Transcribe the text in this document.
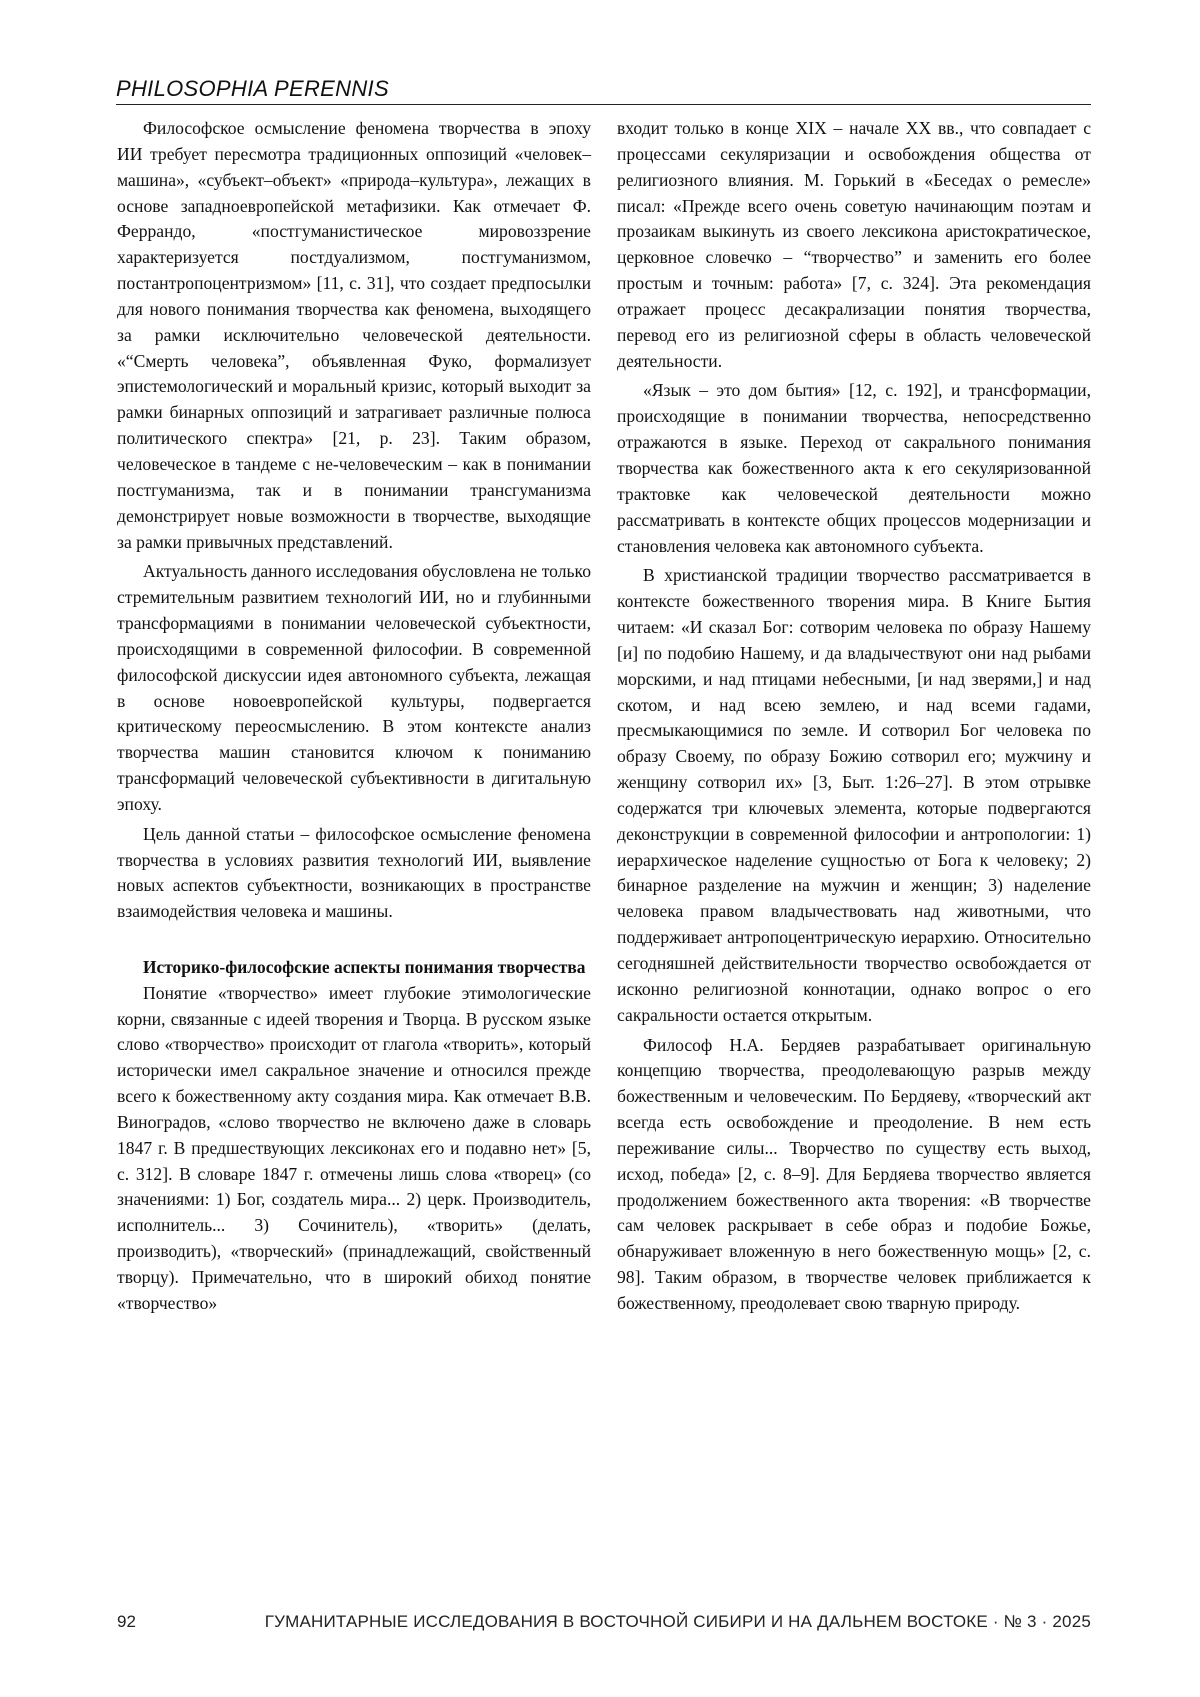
PHILOSOPHIA PERENNIS

Философское осмысление феномена творчества в эпоху ИИ требует пересмотра традиционных оппозиций «человек–машина», «субъект–объект» «природа–культура», лежащих в основе западноевропейской метафизики. Как отмечает Ф. Феррандо, «постгуманистическое мировоззрение характеризуется постдуализмом, постгуманизмом, постантропоцентризмом» [11, с. 31], что создает предпосылки для нового понимания творчества как феномена, выходящего за рамки исключительно человеческой деятельности. «“Смерть человека”, объявленная Фуко, формализует эпистемологический и моральный кризис, который выходит за рамки бинарных оппозиций и затрагивает различные полюса политического спектра» [21, p. 23]. Таким образом, человеческое в тандеме с не-человеческим – как в понимании постгуманизма, так и в понимании трансгуманизма демонстрирует новые возможности в творчестве, выходящие за рамки привычных представлений.

Актуальность данного исследования обусловлена не только стремительным развитием технологий ИИ, но и глубинными трансформациями в понимании человеческой субъектности, происходящими в современной философии. В современной философской дискуссии идея автономного субъекта, лежащая в основе новоевропейской культуры, подвергается критическому переосмыслению. В этом контексте анализ творчества машин становится ключом к пониманию трансформаций человеческой субъективности в дигитальную эпоху.

Цель данной статьи – философское осмысление феномена творчества в условиях развития технологий ИИ, выявление новых аспектов субъектности, возникающих в пространстве взаимодействия человека и машины.

Историко-философские аспекты понимания творчества

Понятие «творчество» имеет глубокие этимологические корни, связанные с идеей творения и Творца. В русском языке слово «творчество» происходит от глагола «творить», который исторически имел сакральное значение и относился прежде всего к божественному акту создания мира. Как отмечает В.В. Виноградов, «слово творчество не включено даже в словарь 1847 г. В предшествующих лексиконах его и подавно нет» [5, с. 312]. В словаре 1847 г. отмечены лишь слова «творец» (со значениями: 1) Бог, создатель мира... 2) церк. Производитель, исполнитель... 3) Сочинитель), «творить» (делать, производить), «творческий» (принадлежащий, свойственный творцу). Примечательно, что в широкий обиход понятие «творчество»

входит только в конце XIX – начале XX вв., что совпадает с процессами секуляризации и освобождения общества от религиозного влияния. М. Горький в «Беседах о ремесле» писал: «Прежде всего очень советую начинающим поэтам и прозаикам выкинуть из своего лексикона аристократическое, церковное словечко – “творчество” и заменить его более простым и точным: работа» [7, с. 324]. Эта рекомендация отражает процесс десакрализации понятия творчества, перевод его из религиозной сферы в область человеческой деятельности.

«Язык – это дом бытия» [12, с. 192], и трансформации, происходящие в понимании творчества, непосредственно отражаются в языке. Переход от сакрального понимания творчества как божественного акта к его секуляризованной трактовке как человеческой деятельности можно рассматривать в контексте общих процессов модернизации и становления человека как автономного субъекта.

В христианской традиции творчество рассматривается в контексте божественного творения мира. В Книге Бытия читаем: «И сказал Бог: сотворим человека по образу Нашему [и] по подобию Нашему, и да владычествуют они над рыбами морскими, и над птицами небесными, [и над зверями,] и над скотом, и над всею землею, и над всеми гадами, пресмыкающимися по земле. И сотворил Бог человека по образу Своему, по образу Божию сотворил его; мужчину и женщину сотворил их» [3, Быт. 1:26–27]. В этом отрывке содержатся три ключевых элемента, которые подвергаются деконструкции в современной философии и антропологии: 1) иерархическое наделение сущностью от Бога к человеку; 2) бинарное разделение на мужчин и женщин; 3) наделение человека правом владычествовать над животными, что поддерживает антропоцентрическую иерархию. Относительно сегодняшней действительности творчество освобождается от исконно религиозной коннотации, однако вопрос о его сакральности остается открытым.

Философ Н.А. Бердяев разрабатывает оригинальную концепцию творчества, преодолевающую разрыв между божественным и человеческим. По Бердяеву, «творческий акт всегда есть освобождение и преодоление. В нем есть переживание силы... Творчество по существу есть выход, исход, победа» [2, с. 8–9]. Для Бердяева творчество является продолжением божественного акта творения: «В творчестве сам человек раскрывает в себе образ и подобие Божье, обнаруживает вложенную в него божественную мощь» [2, с. 98]. Таким образом, в творчестве человек приближается к божественному, преодолевает свою тварную природу.

92	ГУМАНИТАРНЫЕ ИССЛЕДОВАНИЯ В ВОСТОЧНОЙ СИБИРИ И НА ДАЛЬНЕМ ВОСТОКЕ · № 3 · 2025
